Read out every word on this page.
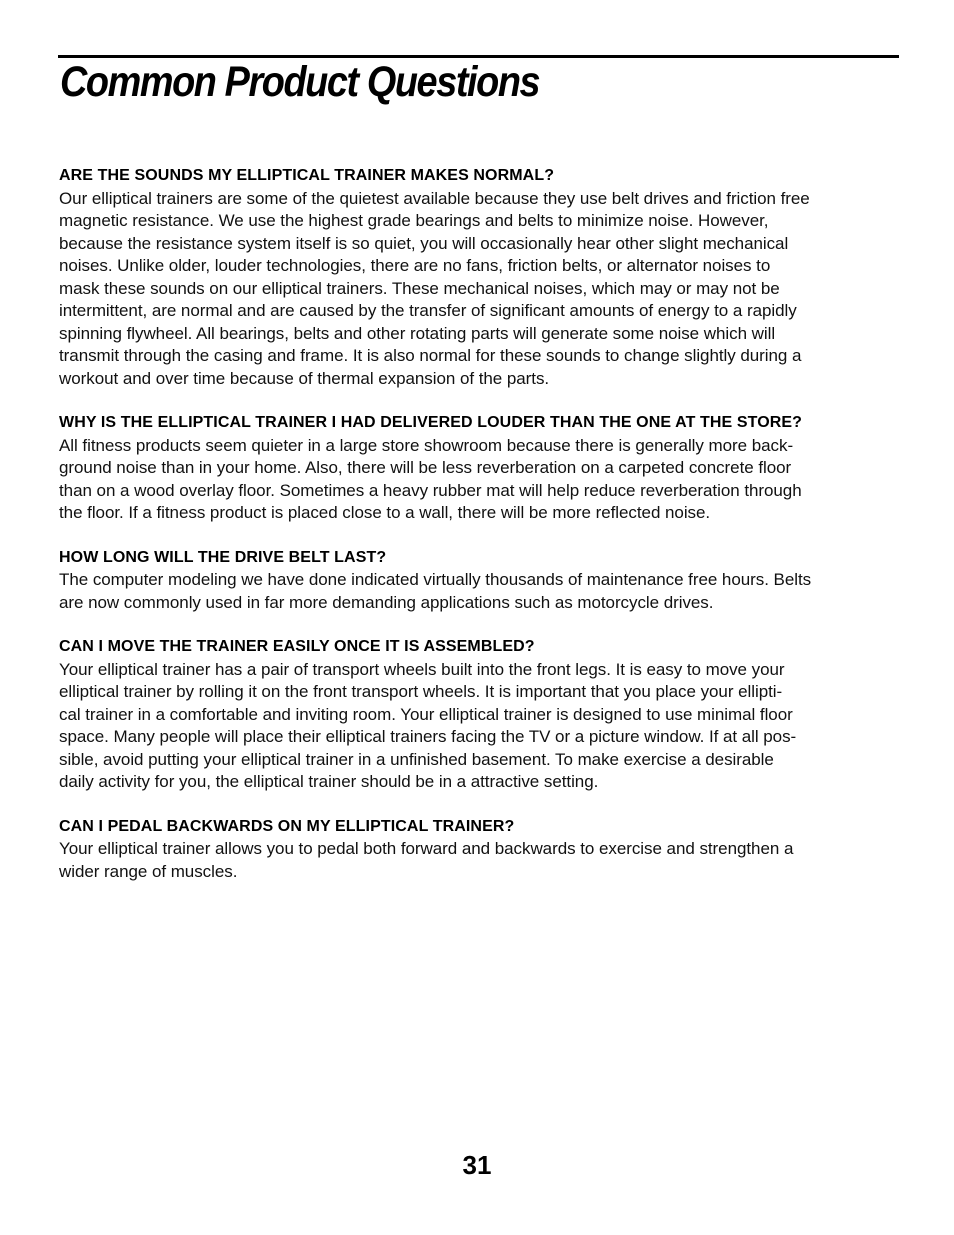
Common Product Questions

ARE THE SOUNDS MY ELLIPTICAL TRAINER MAKES NORMAL?

Our elliptical trainers are some of the quietest available because they use belt drives and friction free
magnetic resistance. We use the highest grade bearings and belts to minimize noise. However,
because the resistance system itself is so quiet, you will occasionally hear other slight mechanical
noises. Unlike older, louder technologies, there are no fans, friction belts, or alternator noises to
mask these sounds on our elliptical trainers. These mechanical noises, which may or may not be
intermittent, are normal and are caused by the transfer of significant amounts of energy to a rapidly
spinning flywheel. All bearings, belts and other rotating parts will generate some noise which will
transmit through the casing and frame. It is also normal for these sounds to change slightly during a
workout and over time because of thermal expansion of the parts.

WHY IS THE ELLIPTICAL TRAINER I HAD DELIVERED LOUDER THAN THE ONE AT THE STORE?

All fitness products seem quieter in a large store showroom because there is generally more back-
ground noise than in your home. Also, there will be less reverberation on a carpeted concrete floor
than on a wood overlay floor. Sometimes a heavy rubber mat will help reduce reverberation through
the floor. If a fitness product is placed close to a wall, there will be more reflected noise.

HOW LONG WILL THE DRIVE BELT LAST?

The computer modeling we have done indicated virtually thousands of maintenance free hours. Belts
are now commonly used in far more demanding applications such as motorcycle drives.

CAN I MOVE THE TRAINER EASILY ONCE IT IS ASSEMBLED?

Your elliptical trainer has a pair of transport wheels built into the front legs. It is easy to move your
elliptical trainer by rolling it on the front transport wheels. It is important that you place your ellipti-
cal trainer in a comfortable and inviting room. Your elliptical trainer is designed to use minimal floor
space. Many people will place their elliptical trainers facing the TV or a picture window. If at all pos-
sible, avoid putting your elliptical trainer in a unfinished basement. To make exercise a desirable
daily activity for you, the elliptical trainer should be in a attractive setting.

CAN I PEDAL BACKWARDS ON MY ELLIPTICAL TRAINER?

Your elliptical trainer allows you to pedal both forward and backwards to exercise and strengthen a
wider range of muscles.

31
